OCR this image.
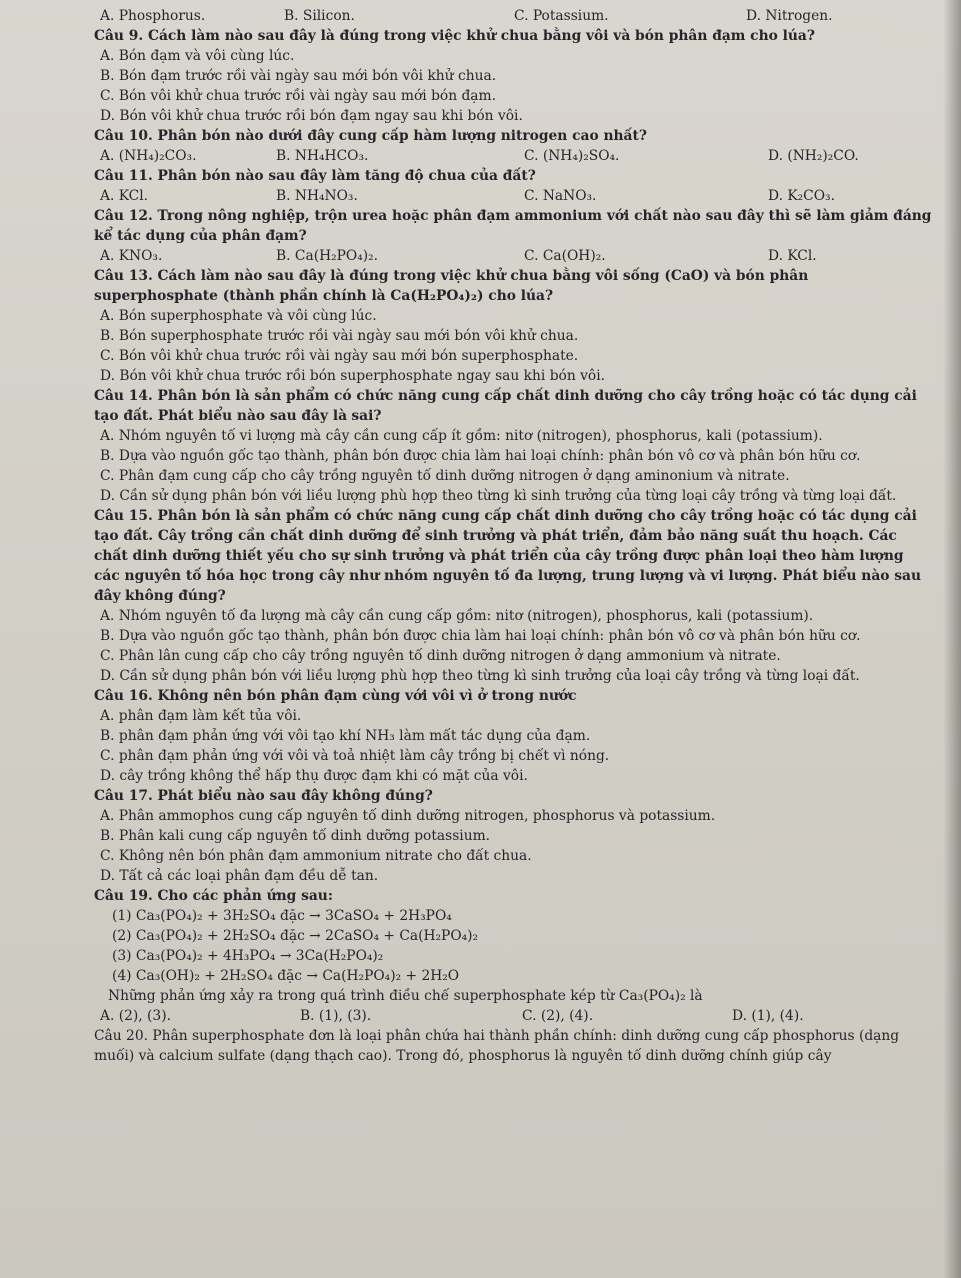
A. Phosphorus.	B. Silicon.	C. Potassium.	D. Nitrogen.
Câu 9. Cách làm nào sau đây là đúng trong việc khử chua bằng vôi và bón phân đạm cho lúa?
A. Bón đạm và vôi cùng lúc.
B. Bón đạm trước rồi vài ngày sau mới bón vôi khử chua.
C. Bón vôi khử chua trước rồi vài ngày sau mới bón đạm.
D. Bón vôi khử chua trước rồi bón đạm ngay sau khi bón vôi.
Câu 10. Phân bón nào dưới đây cung cấp hàm lượng nitrogen cao nhất?
A. (NH₄)₂CO₃.	B. NH₄HCO₃.	C. (NH₄)₂SO₄.	D. (NH₂)₂CO.
Câu 11. Phân bón nào sau đây làm tăng độ chua của đất?
A. KCl.	B. NH₄NO₃.	C. NaNO₃.	D. K₂CO₃.
Câu 12. Trong nông nghiệp, trộn urea hoặc phân đạm ammonium với chất nào sau đây thì sẽ làm giảm đáng kể tác dụng của phân đạm?
A. KNO₃.	B. Ca(H₂PO₄)₂.	C. Ca(OH)₂.	D. KCl.
Câu 13. Cách làm nào sau đây là đúng trong việc khử chua bằng vôi sống (CaO) và bón phân superphosphate (thành phần chính là Ca(H₂PO₄)₂) cho lúa?
A. Bón superphosphate và vôi cùng lúc.
B. Bón superphosphate trước rồi vài ngày sau mới bón vôi khử chua.
C. Bón vôi khử chua trước rồi vài ngày sau mới bón superphosphate.
D. Bón vôi khử chua trước rồi bón superphosphate ngay sau khi bón vôi.
Câu 14. Phân bón là sản phẩm có chức năng cung cấp chất dinh dưỡng cho cây trồng hoặc có tác dụng cải tạo đất. Phát biểu nào sau đây là sai?
A. Nhóm nguyên tố vi lượng mà cây cần cung cấp ít gồm: nitơ (nitrogen), phosphorus, kali (potassium).
B. Dựa vào nguồn gốc tạo thành, phân bón được chia làm hai loại chính: phân bón vô cơ và phân bón hữu cơ.
C. Phân đạm cung cấp cho cây trồng nguyên tố dinh dưỡng nitrogen ở dạng aminonium và nitrate.
D. Cần sử dụng phân bón với liều lượng phù hợp theo từng kì sinh trưởng của từng loại cây trồng và từng loại đất.
Câu 15. Phân bón là sản phẩm có chức năng cung cấp chất dinh dưỡng cho cây trồng hoặc có tác dụng cải tạo đất. Cây trồng cần chất dinh dưỡng để sinh trưởng và phát triển, đảm bảo năng suất thu hoạch. Các chất dinh dưỡng thiết yếu cho sự sinh trưởng và phát triển của cây trồng được phân loại theo hàm lượng các nguyên tố hóa học trong cây như nhóm nguyên tố đa lượng, trung lượng và vi lượng. Phát biểu nào sau đây không đúng?
A. Nhóm nguyên tố đa lượng mà cây cần cung cấp gồm: nitơ (nitrogen), phosphorus, kali (potassium).
B. Dựa vào nguồn gốc tạo thành, phân bón được chia làm hai loại chính: phân bón vô cơ và phân bón hữu cơ.
C. Phân lân cung cấp cho cây trồng nguyên tố dinh dưỡng nitrogen ở dạng ammonium và nitrate.
D. Cần sử dụng phân bón với liều lượng phù hợp theo từng kì sinh trưởng của loại cây trồng và từng loại đất.
Câu 16. Không nên bón phân đạm cùng với vôi vì ở trong nước
A. phân đạm làm kết tủa vôi.
B. phân đạm phản ứng với vôi tạo khí NH₃ làm mất tác dụng của đạm.
C. phân đạm phản ứng với vôi và toả nhiệt làm cây trồng bị chết vì nóng.
D. cây trồng không thể hấp thụ được đạm khi có mặt của vôi.
Câu 17. Phát biểu nào sau đây không đúng?
A. Phân ammophos cung cấp nguyên tố dinh dưỡng nitrogen, phosphorus và potassium.
B. Phân kali cung cấp nguyên tố dinh dưỡng potassium.
C. Không nên bón phân đạm ammonium nitrate cho đất chua.
D. Tất cả các loại phân đạm đều dễ tan.
Câu 19. Cho các phản ứng sau:
(1) Ca₃(PO₄)₂ + 3H₂SO₄ đặc → 3CaSO₄ + 2H₃PO₄
(2) Ca₃(PO₄)₂ + 2H₂SO₄ đặc → 2CaSO₄ + Ca(H₂PO₄)₂
(3) Ca₃(PO₄)₂ + 4H₃PO₄ → 3Ca(H₂PO₄)₂
(4) Ca₃(OH)₂ + 2H₂SO₄ đặc → Ca(H₂PO₄)₂ + 2H₂O
Những phản ứng xảy ra trong quá trình điều chế superphosphate kép từ Ca₃(PO₄)₂ là
A. (2), (3).	B. (1), (3).	C. (2), (4).	D. (1), (4).
Câu 20. Phân superphosphate đơn là loại phân chứa hai thành phần chính: dinh dưỡng cung cấp phosphorus (dạng muối) và calcium sulfate (dạng thạch cao). Trong đó, phosphorus là nguyên tố dinh dưỡng chính giúp cây
